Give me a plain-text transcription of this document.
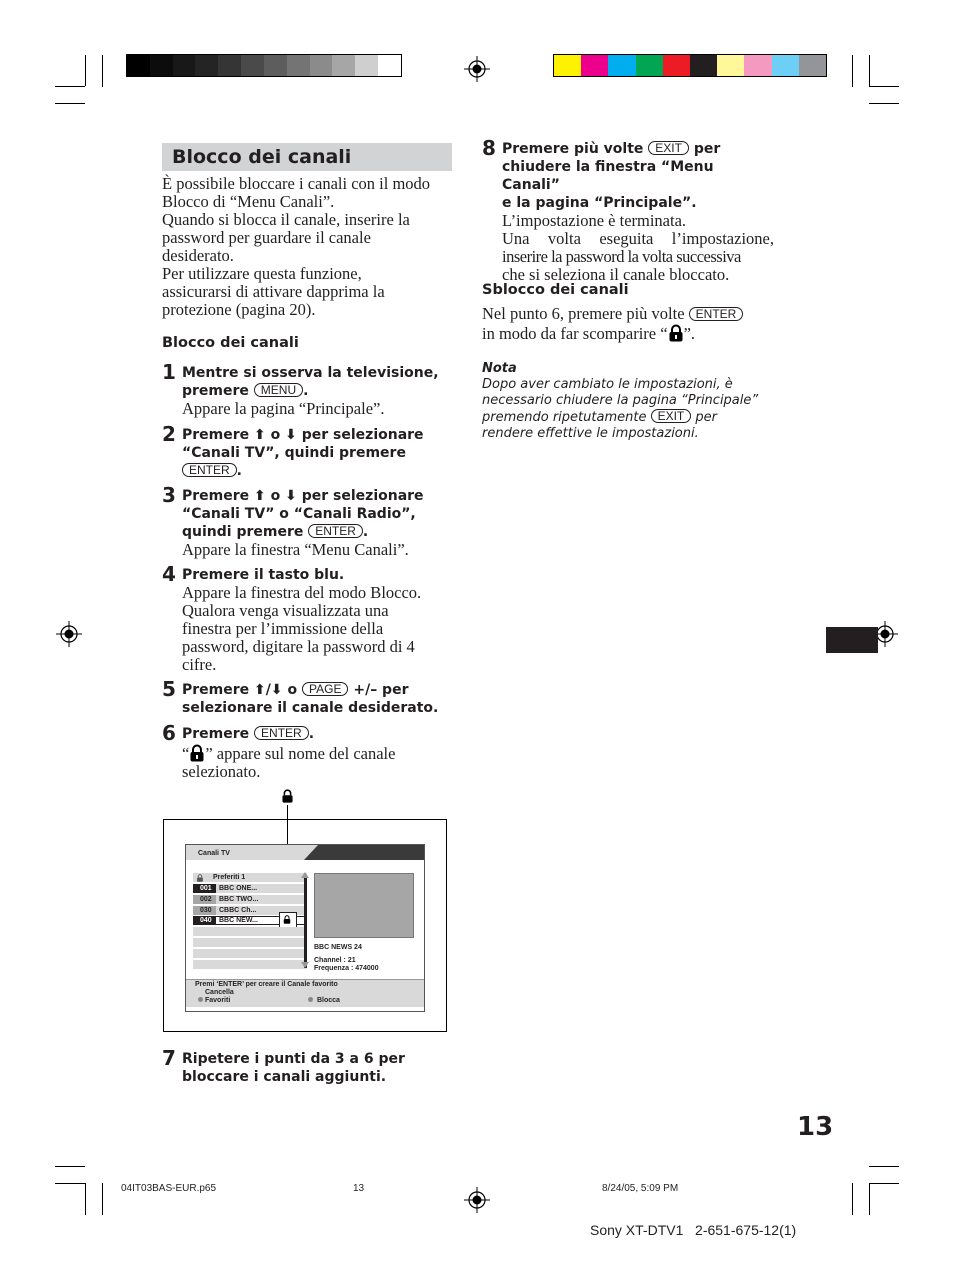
Blocco dei canali
È possibile bloccare i canali con il modo
Blocco di “Menu Canali”.
Quando si blocca il canale, inserire la
password per guardare il canale
desiderato.
Per utilizzare questa funzione,
assicurarsi di attivare dapprima la
protezione (pagina 20).
Blocco dei canali
1 Mentre si osserva la televisione,
premere MENU .
Appare la pagina “Principale”.
2 Premere ⬆ o ⬇ per selezionare
“Canali TV”, quindi premere
ENTER .
3 Premere ⬆ o ⬇ per selezionare
“Canali TV” o “Canali Radio”,
quindi premere ENTER .
Appare la finestra “Menu Canali”.
4 Premere il tasto blu.
Appare la finestra del modo Blocco.
Qualora venga visualizzata una
finestra per l’immissione della
password, digitare la password di 4
cifre.
5 Premere ⬆/⬇ o PAGE +/– per
selezionare il canale desiderato.
6 Premere ENTER .
“ ” appare sul nome del canale
selezionato.
Canali TV
Preferiti 1
001 BBC ONE...
002 BBC TWO...
030 CBBC Ch...
040 BBC NEW...
BBC NEWS 24
Channel : 21
Frequenza : 474000
Premi ‘ENTER’ per creare il Canale favorito
Cancella
Favoriti	Blocca
7 Ripetere i punti da 3 a 6 per
bloccare i canali aggiunti.
8 Premere più volte EXIT per
chiudere la finestra “Menu Canali”
e la pagina “Principale”.
L’impostazione è terminata.
Una volta eseguita l’impostazione,
inserire la password la volta successiva
che si seleziona il canale bloccato.
Sblocco dei canali
Nel punto 6, premere più volte ENTER
in modo da far scomparire “ ”.
Nota
Dopo aver cambiato le impostazioni, è
necessario chiudere la pagina “Principale”
premendo ripetutamente EXIT per
rendere effettive le impostazioni.
13
04IT03BAS-EUR.p65	13	8/24/05, 5:09 PM
Sony XT-DTV1   2-651-675-12(1)
